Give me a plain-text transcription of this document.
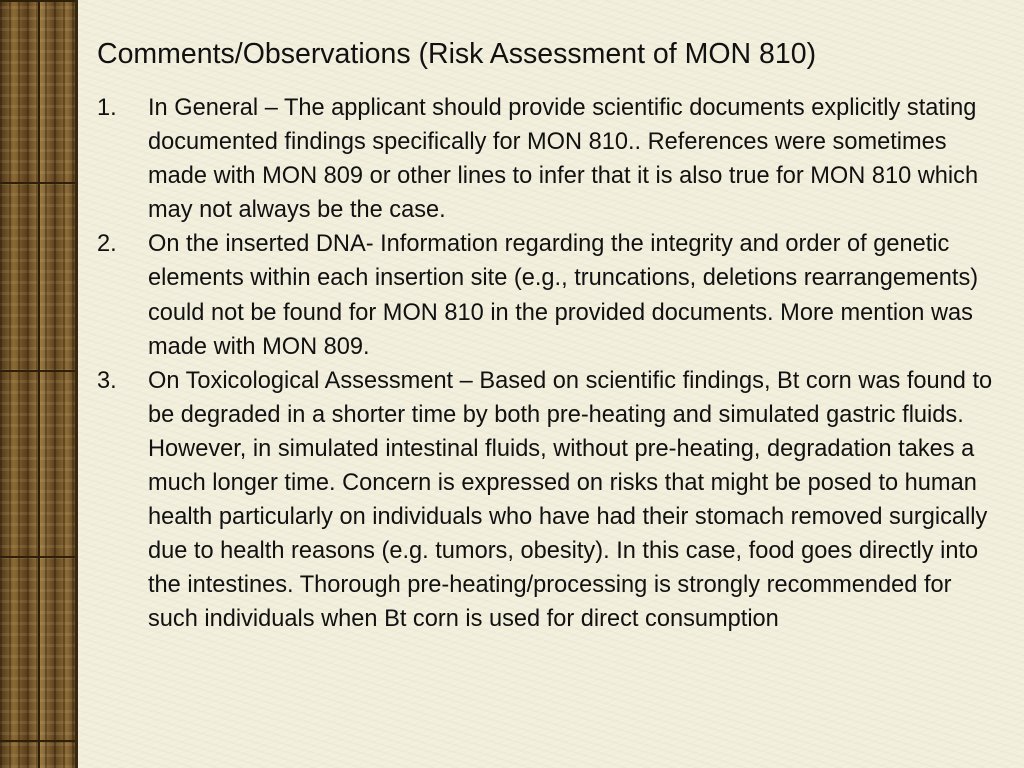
Comments/Observations (Risk Assessment of MON 810)
1. In General – The applicant should provide scientific documents explicitly stating documented findings specifically for MON 810.. References were sometimes made with MON 809 or other lines to infer that it is also true for MON 810 which may not always be the case.
2. On the inserted DNA- Information regarding the integrity and order of genetic elements within each insertion site (e.g., truncations, deletions rearrangements) could not be found for MON 810 in the provided documents. More mention was made with MON 809.
3. On Toxicological Assessment – Based on scientific findings, Bt corn was found to be degraded in a shorter time by both pre-heating and simulated gastric fluids. However, in simulated intestinal fluids, without pre-heating, degradation takes a much longer time. Concern is expressed on risks that might be posed to human health particularly on individuals who have had their stomach removed surgically due to health reasons (e.g. tumors, obesity). In this case, food goes directly into the intestines. Thorough pre-heating/processing is strongly recommended for such individuals when Bt corn is used for direct consumption
